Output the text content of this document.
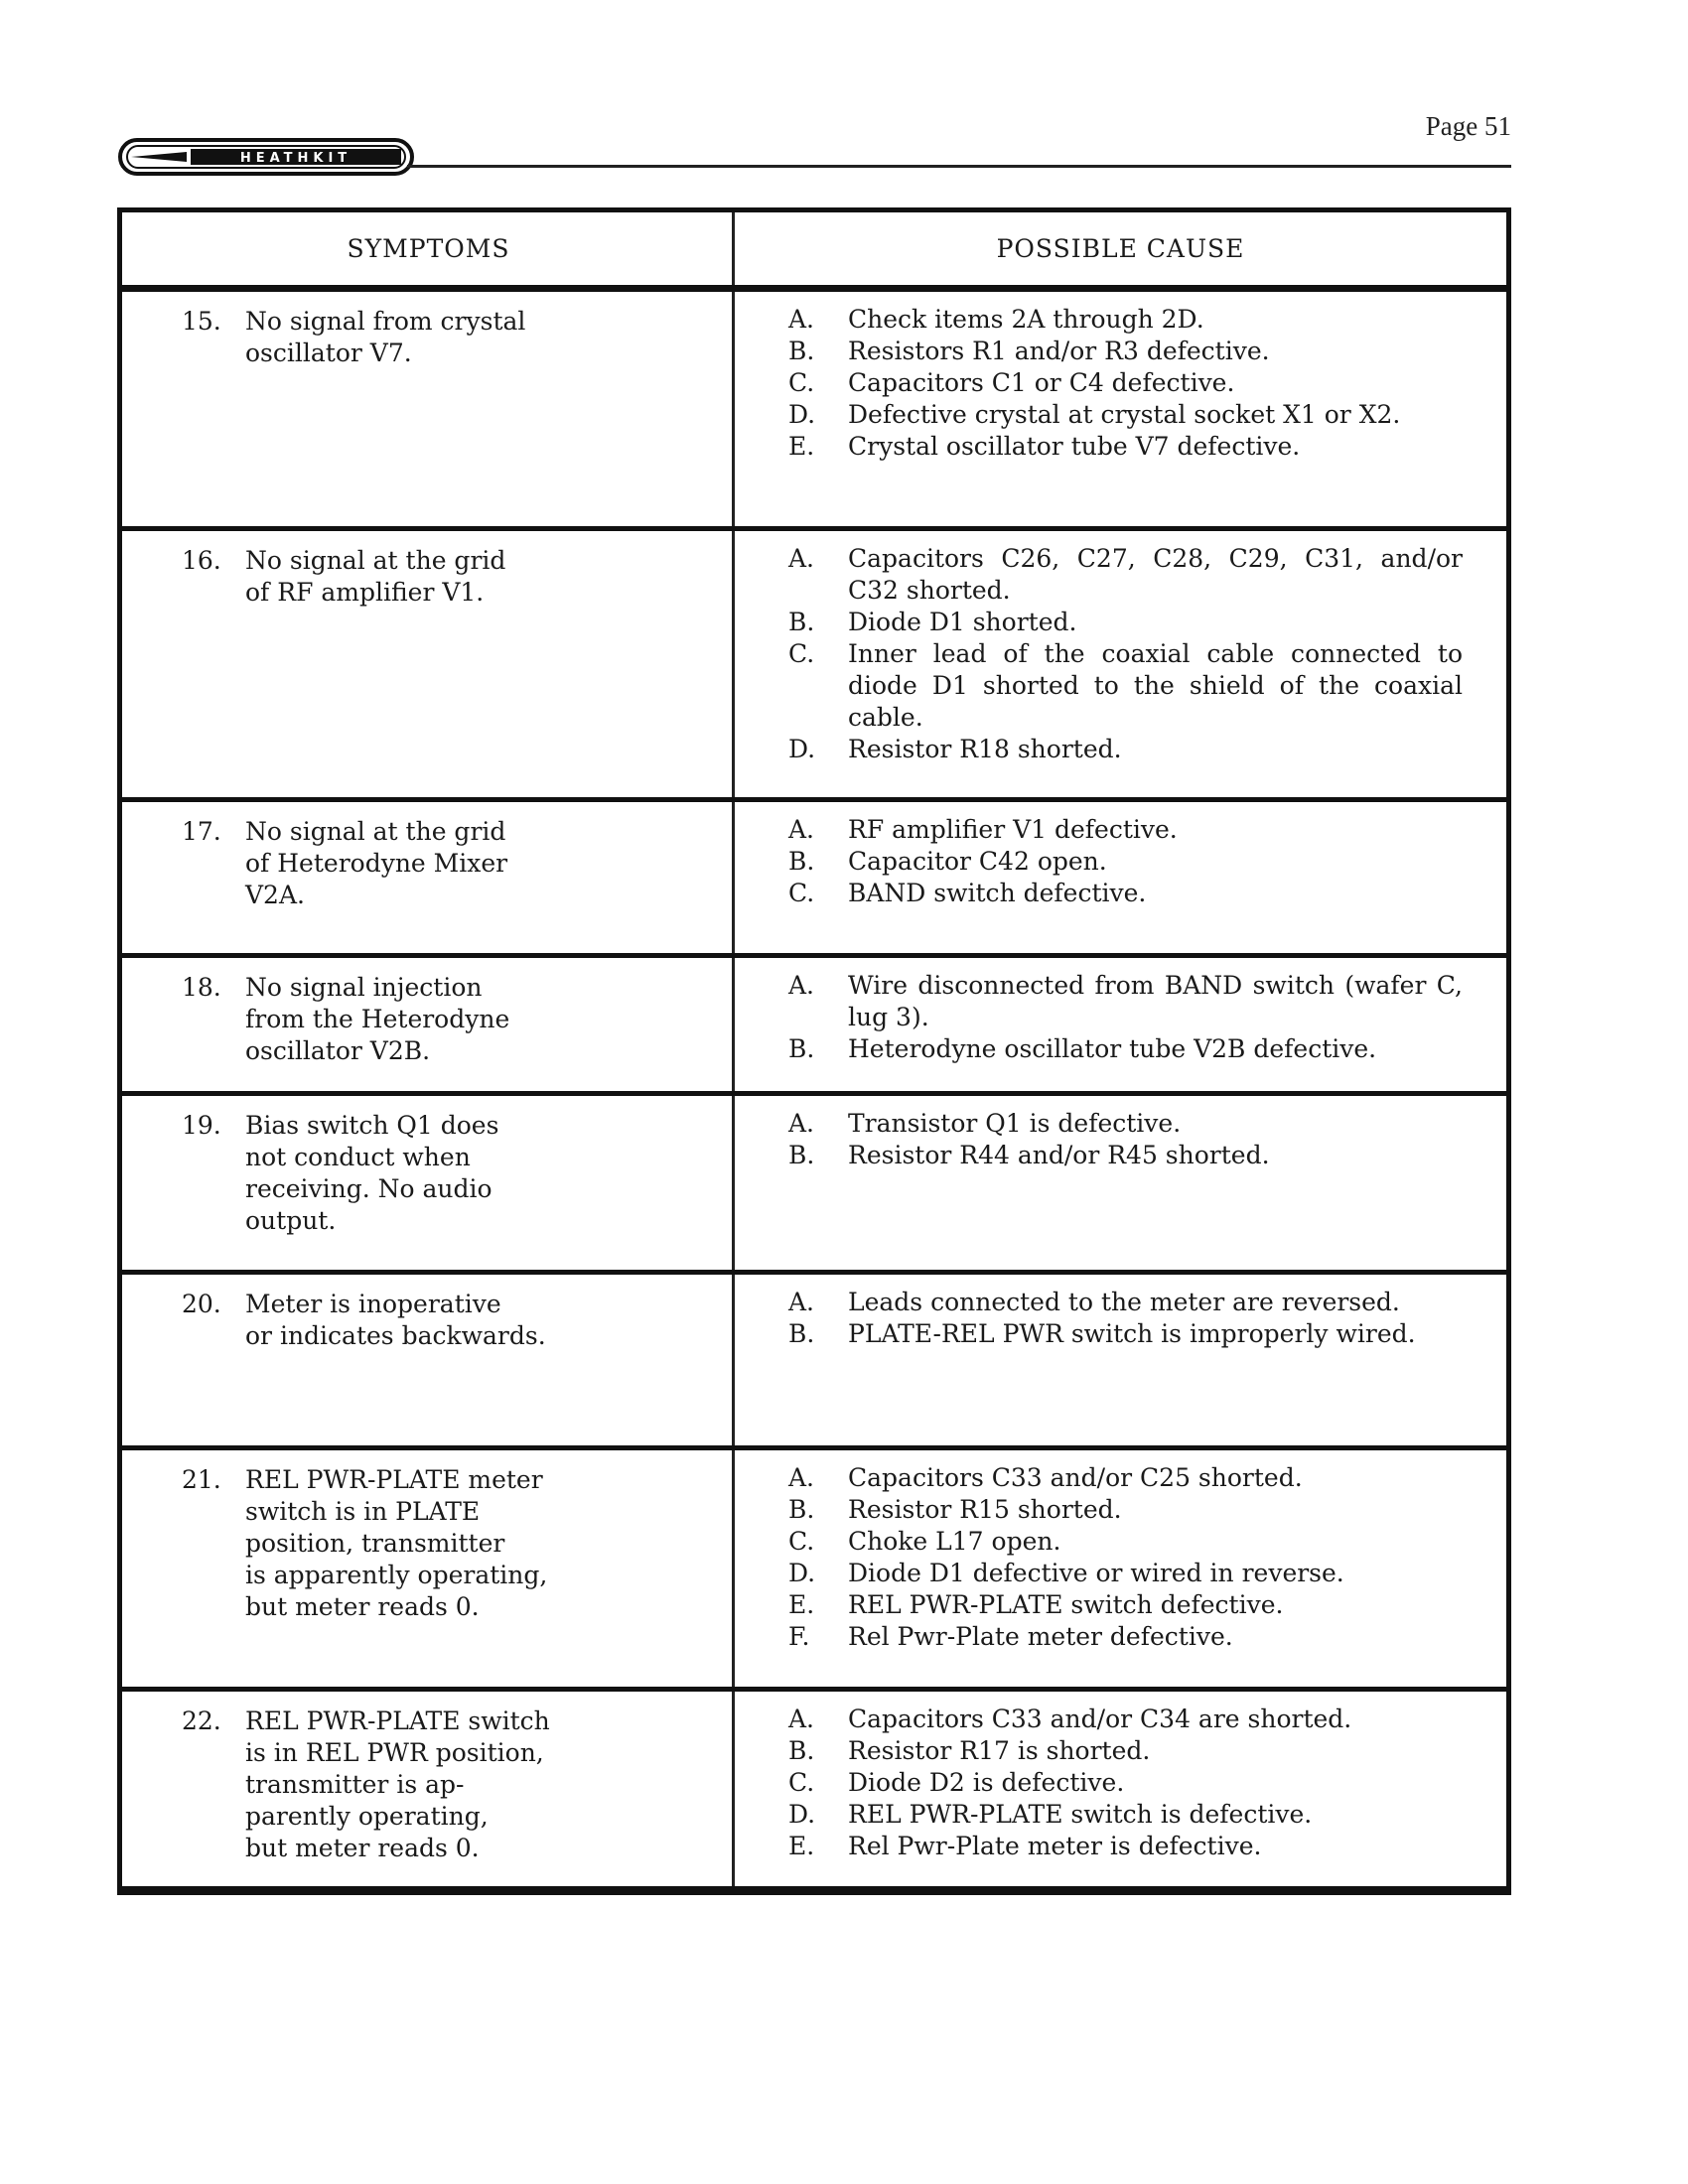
Page 51
HEATHKIT
SYMPTOMS	POSSIBLE CAUSE
15. No signal from crystal
oscillator V7.
A.	Check items 2A through 2D.
B.	Resistors R1 and/or R3 defective.
C.	Capacitors C1 or C4 defective.
D.	Defective crystal at crystal socket X1 or X2.
E.	Crystal oscillator tube V7 defective.
16. No signal at the grid
of RF amplifier V1.
A.	Capacitors C26, C27, C28, C29, C31, and/or C32 shorted.
B.	Diode D1 shorted.
C.	Inner lead of the coaxial cable connected to diode D1 shorted to the shield of the coaxial cable.
D.	Resistor R18 shorted.
17. No signal at the grid
of Heterodyne Mixer
V2A.
A.	RF amplifier V1 defective.
B.	Capacitor C42 open.
C.	BAND switch defective.
18. No signal injection
from the Heterodyne
oscillator V2B.
A.	Wire disconnected from BAND switch (wafer C, lug 3).
B.	Heterodyne oscillator tube V2B defective.
19. Bias switch Q1 does
not conduct when
receiving. No audio
output.
A.	Transistor Q1 is defective.
B.	Resistor R44 and/or R45 shorted.
20. Meter is inoperative
or indicates backwards.
A.	Leads connected to the meter are reversed.
B.	PLATE-REL PWR switch is improperly wired.
21. REL PWR-PLATE meter
switch is in PLATE
position, transmitter
is apparently operating,
but meter reads 0.
A.	Capacitors C33 and/or C25 shorted.
B.	Resistor R15 shorted.
C.	Choke L17 open.
D.	Diode D1 defective or wired in reverse.
E.	REL PWR-PLATE switch defective.
F.	Rel Pwr-Plate meter defective.
22. REL PWR-PLATE switch
is in REL PWR position,
transmitter is ap-
parently operating,
but meter reads 0.
A.	Capacitors C33 and/or C34 are shorted.
B.	Resistor R17 is shorted.
C.	Diode D2 is defective.
D.	REL PWR-PLATE switch is defective.
E.	Rel Pwr-Plate meter is defective.
